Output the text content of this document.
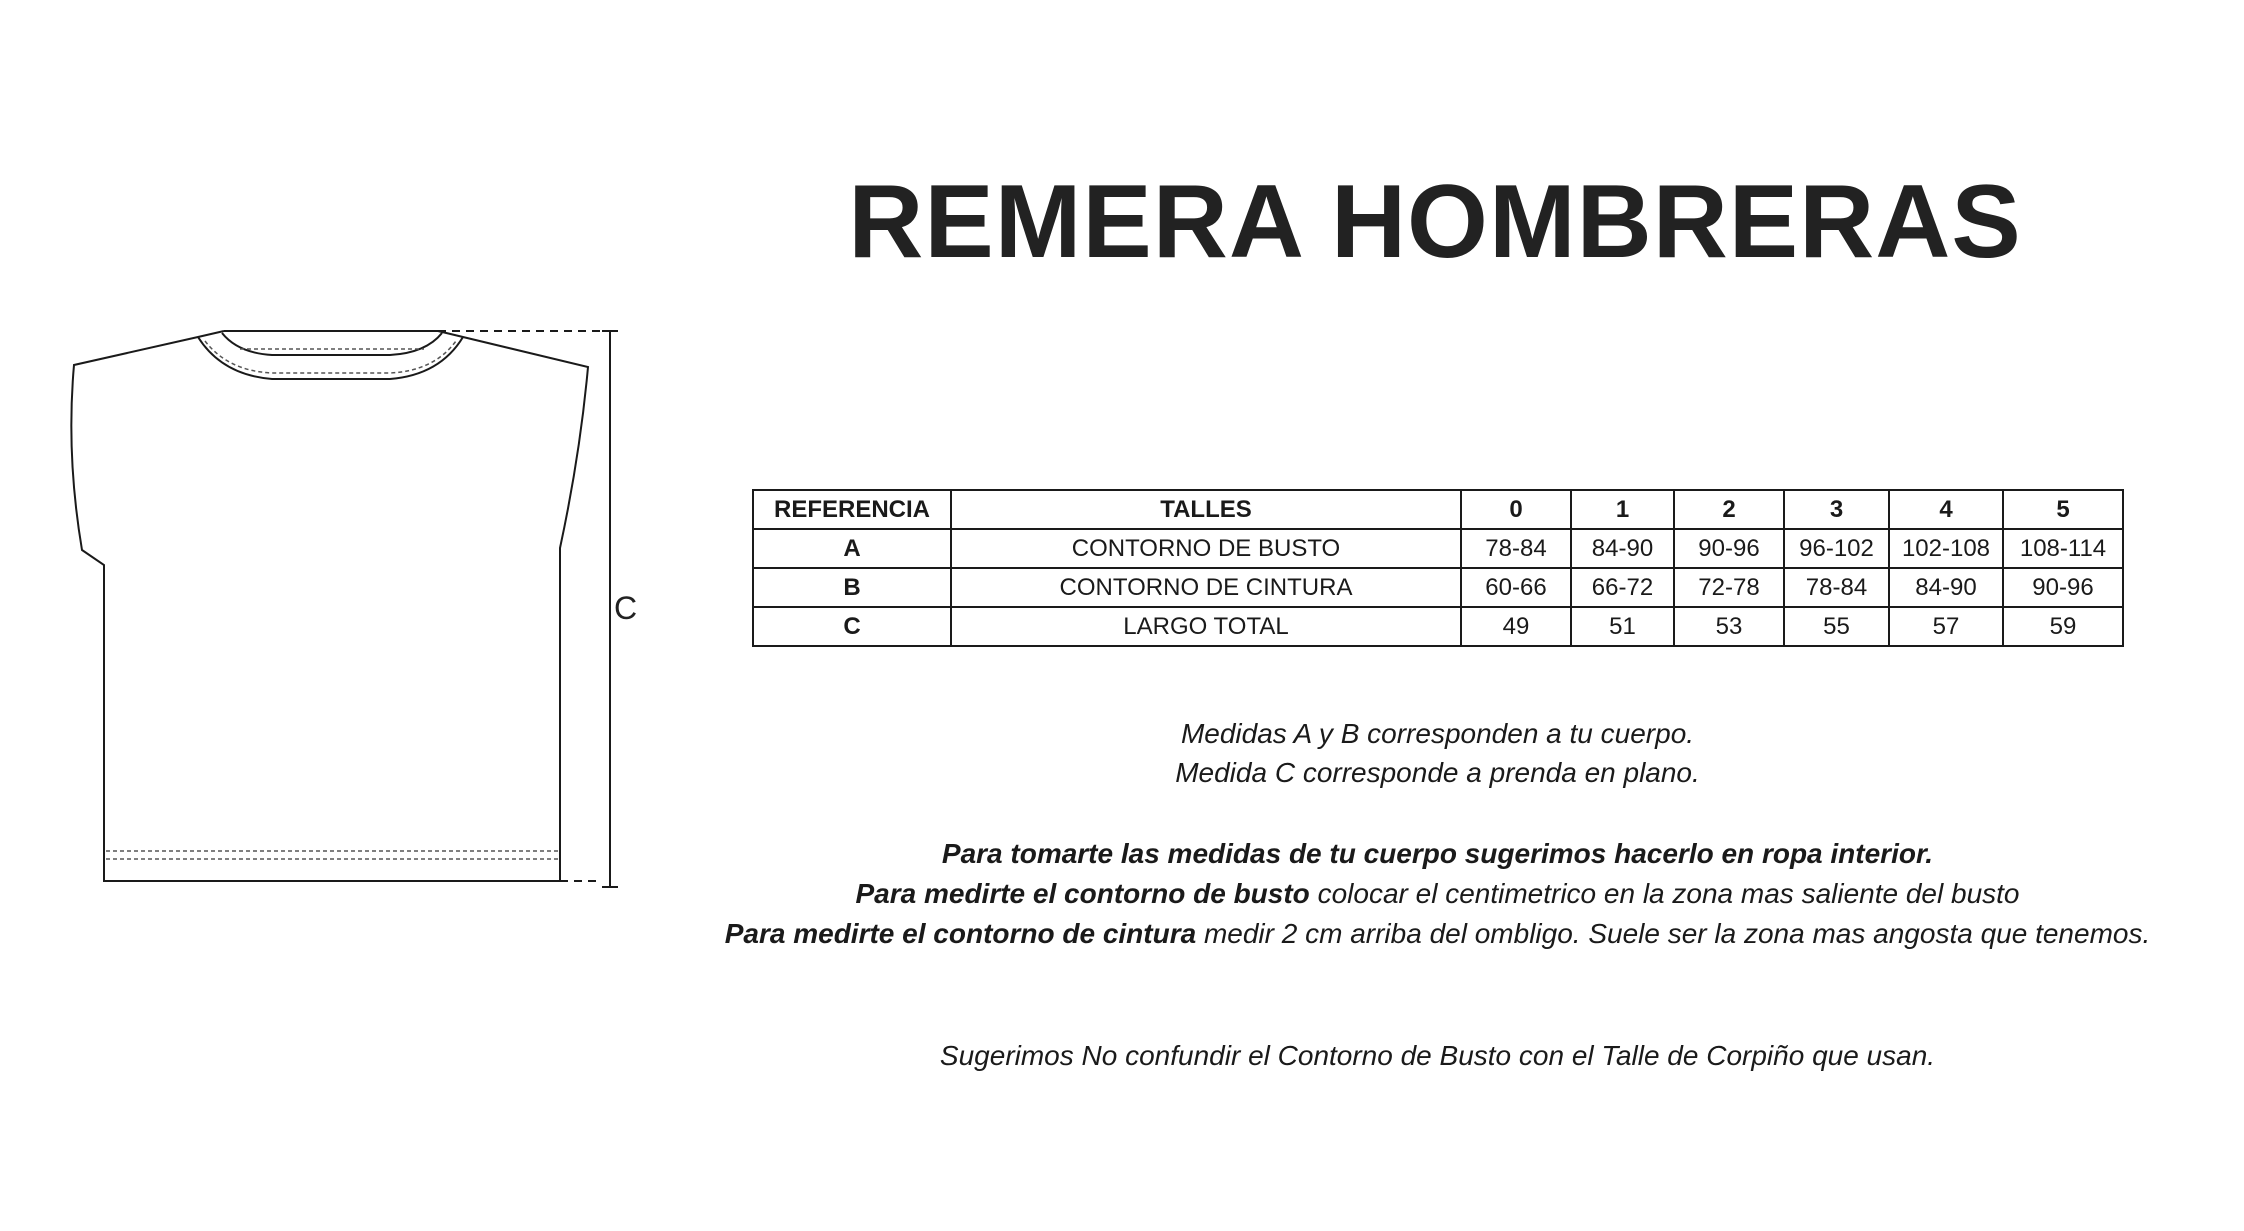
REMERA HOMBRERAS
C
REFERENCIA	TALLES	0	1	2	3	4	5
A	CONTORNO DE BUSTO	78-84	84-90	90-96	96-102	102-108	108-114
B	CONTORNO DE CINTURA	60-66	66-72	72-78	78-84	84-90	90-96
C	LARGO TOTAL	49	51	53	55	57	59
Medidas A y B corresponden a tu cuerpo.
Medida C corresponde a prenda en plano.
Para tomarte las medidas de tu cuerpo sugerimos hacerlo en ropa interior.
Para medirte el contorno de busto colocar el centimetrico en la zona mas saliente del busto
Para medirte el contorno de cintura medir 2 cm arriba del ombligo. Suele ser la zona mas angosta que tenemos.
Sugerimos No confundir el Contorno de Busto con el Talle de Corpiño que usan.
